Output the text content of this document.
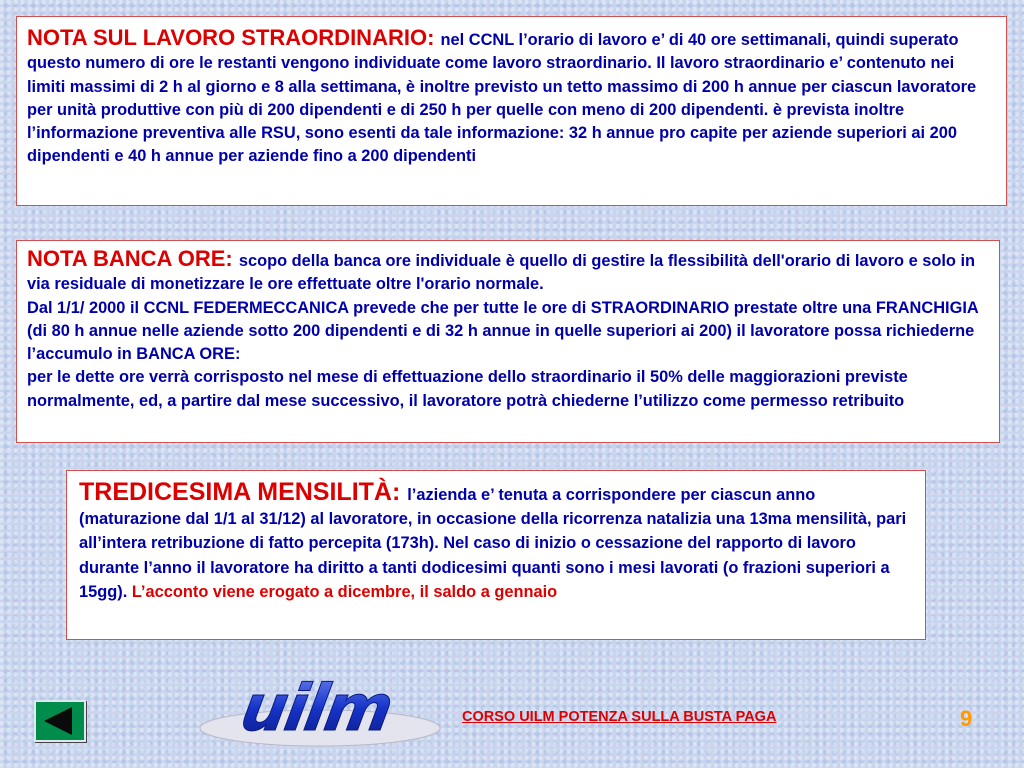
NOTA SUL LAVORO STRAORDINARIO: nel CCNL l’orario di lavoro e’ di 40 ore settimanali, quindi superato questo numero di ore le restanti vengono individuate come lavoro straordinario. Il lavoro straordinario e’ contenuto nei limiti massimi di 2 h al giorno e 8 alla settimana, è inoltre previsto un tetto massimo di 200 h annue per ciascun lavoratore per unità produttive con più di 200 dipendenti e di 250 h per quelle con meno di 200 dipendenti. è prevista inoltre l’informazione preventiva alle RSU, sono esenti da tale informazione: 32 h annue pro capite per aziende superiori ai 200 dipendenti e 40 h annue per aziende fino a 200 dipendenti
NOTA BANCA ORE: scopo della banca ore individuale è quello di gestire la flessibilità dell'orario di lavoro e solo in via residuale di monetizzare le ore effettuate oltre l'orario normale.
Dal 1/1/ 2000 il CCNL FEDERMECCANICA prevede che per tutte le ore di STRAORDINARIO prestate oltre una FRANCHIGIA (di 80 h annue nelle aziende sotto 200 dipendenti e di 32 h annue in quelle superiori ai 200) il lavoratore possa richiederne l’accumulo in BANCA ORE:
per le dette ore verrà corrisposto nel mese di effettuazione dello straordinario il 50% delle maggiorazioni previste normalmente, ed, a partire dal mese successivo, il lavoratore potrà chiederne l’utilizzo come permesso retribuito
TREDICESIMA MENSILITÀ: l’azienda e’ tenuta a corrispondere per ciascun anno (maturazione dal 1/1 al 31/12) al lavoratore, in occasione della ricorrenza natalizia una 13ma mensilità, pari all’intera retribuzione di fatto percepita (173h). Nel caso di inizio o cessazione del rapporto di lavoro durante l’anno il lavoratore ha diritto a tanti dodicesimi quanti sono i mesi lavorati (o frazioni superiori a 15gg). L’acconto viene erogato a dicembre, il saldo a gennaio
uilm	CORSO UILM POTENZA SULLA BUSTA PAGA	9
